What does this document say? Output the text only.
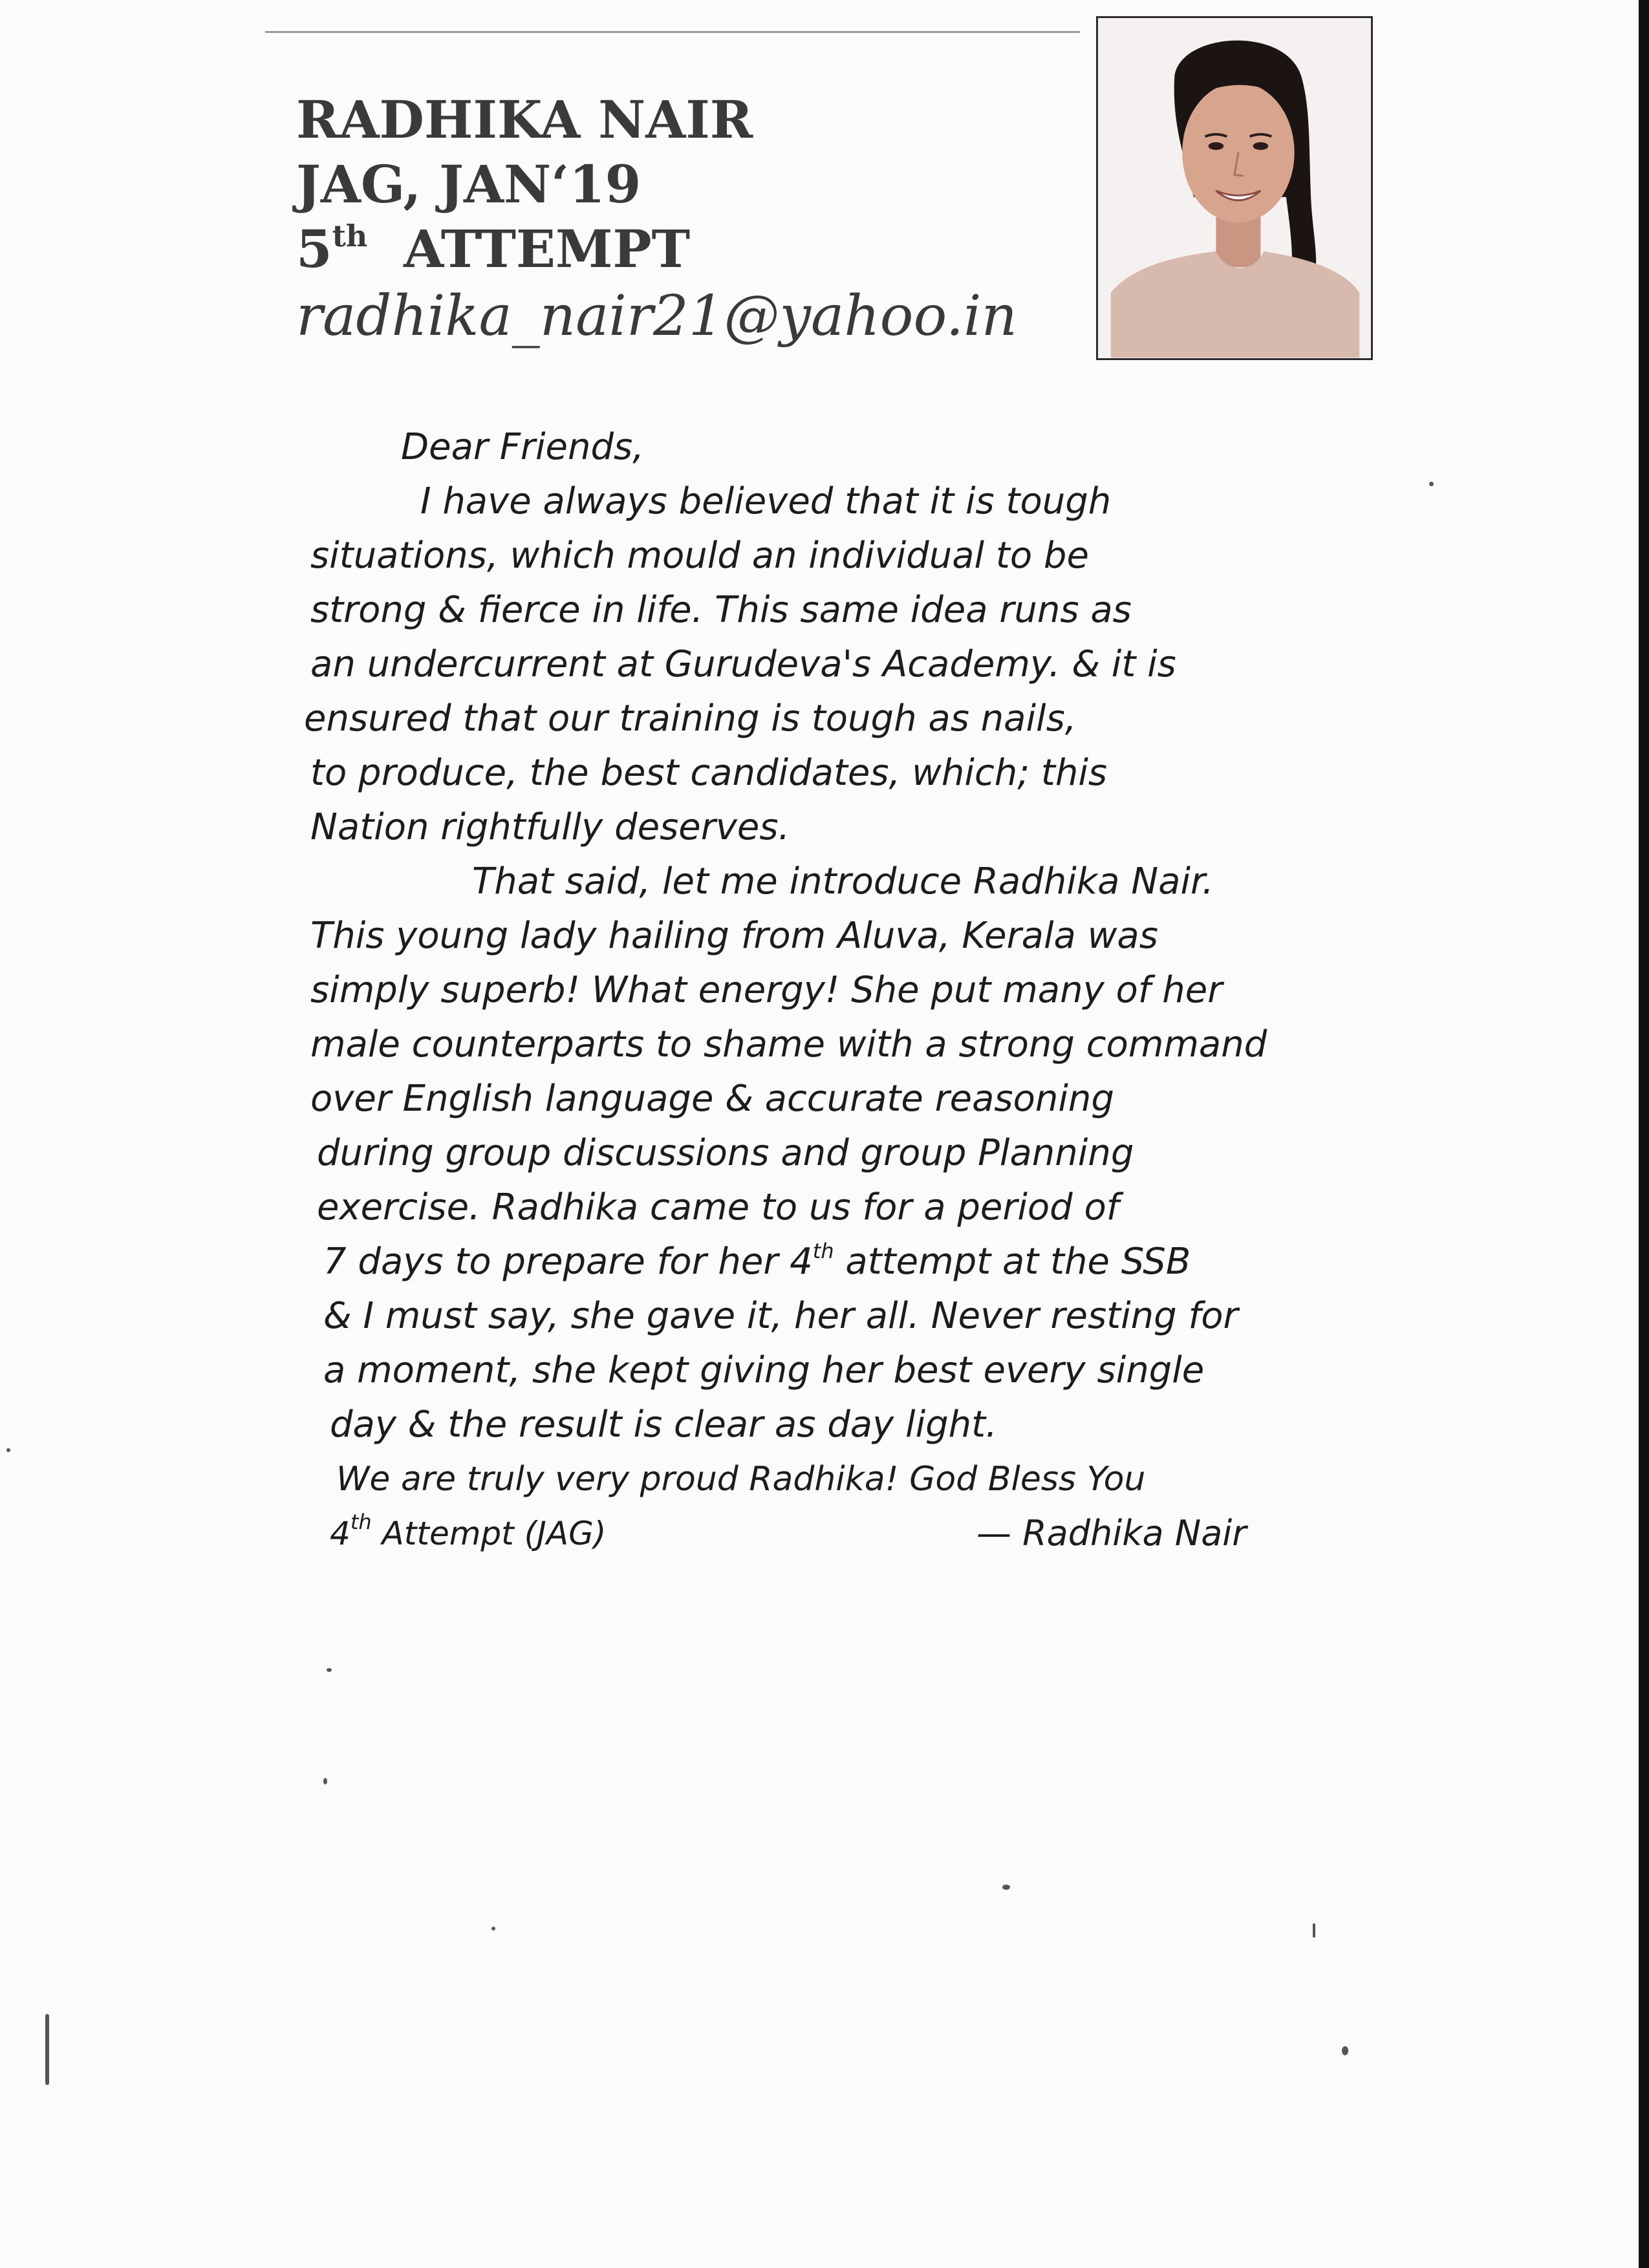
RADHIKA NAIR
JAG, JAN‘19
5th ATTEMPT
radhika_nair21@yahoo.in
Dear Friends,
I have always believed that it is tough
situations, which mould an individual to be
strong & fierce in life. This same idea runs as
an undercurrent at Gurudeva's Academy. & it is
ensured that our training is tough as nails,
to produce, the best candidates, which; this
Nation rightfully deserves.
That said, let me introduce Radhika Nair.
This young lady hailing from Aluva, Kerala was
simply superb! What energy! She put many of her
male counterparts to shame with a strong command
over English language & accurate reasoning
during group discussions and group Planning
exercise. Radhika came to us for a period of
7 days to prepare for her 4th attempt at the SSB
& I must say, she gave it, her all. Never resting for
a moment, she kept giving her best every single
day & the result is clear as day light.
We are truly very proud Radhika! God Bless You
4th Attempt (JAG)	— Radhika Nair
